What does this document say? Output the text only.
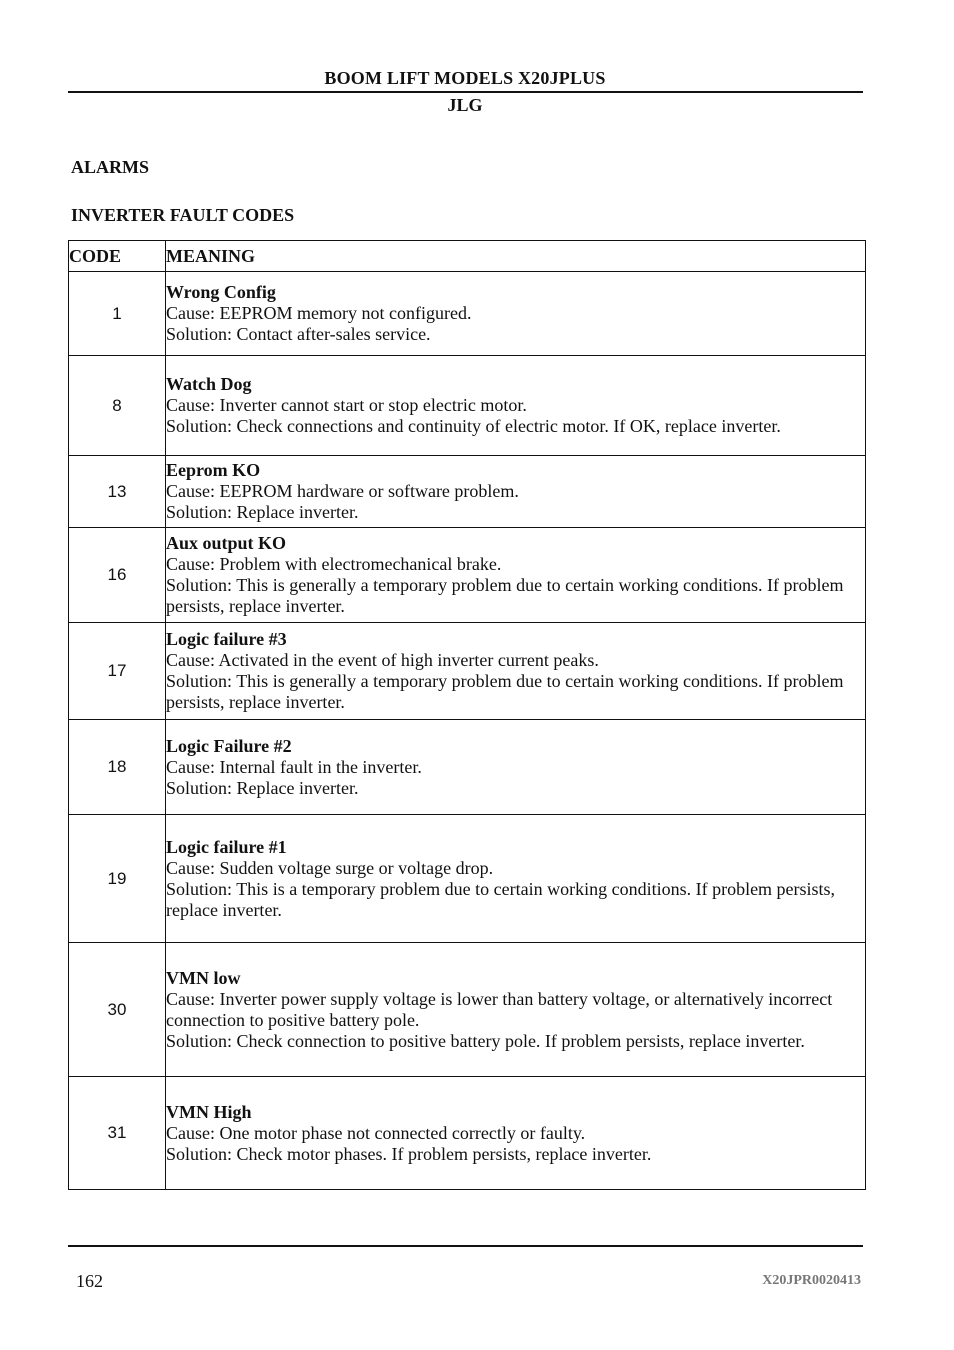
BOOM LIFT MODELS X20JPLUS
JLG
ALARMS
INVERTER FAULT CODES
CODE	MEANING
1	Wrong Config
Cause: EEPROM memory not configured.
Solution: Contact after-sales service.

8	Watch Dog
Cause: Inverter cannot start or stop electric motor.
Solution: Check connections and continuity of electric motor. If OK, replace inverter.

13	Eeprom KO
Cause: EEPROM hardware or software problem.
Solution: Replace inverter.

16	Aux output KO
Cause: Problem with electromechanical brake.
Solution: This is generally a temporary problem due to certain working conditions. If problem persists, replace inverter.

17	Logic failure #3
Cause: Activated in the event of high inverter current peaks.
Solution: This is generally a temporary problem due to certain working conditions. If problem persists, replace inverter.

18	Logic Failure #2
Cause: Internal fault in the inverter.
Solution: Replace inverter.

19	Logic failure #1
Cause: Sudden voltage surge or voltage drop.
Solution: This is a temporary problem due to certain working conditions. If problem persists, replace inverter.

30	VMN low
Cause: Inverter power supply voltage is lower than battery voltage, or alternatively incorrect connection to positive battery pole.
Solution: Check connection to positive battery pole. If problem persists, replace inverter.

31	VMN High
Cause: One motor phase not connected correctly or faulty.
Solution: Check motor phases. If problem persists, replace inverter.
162	X20JPR0020413
